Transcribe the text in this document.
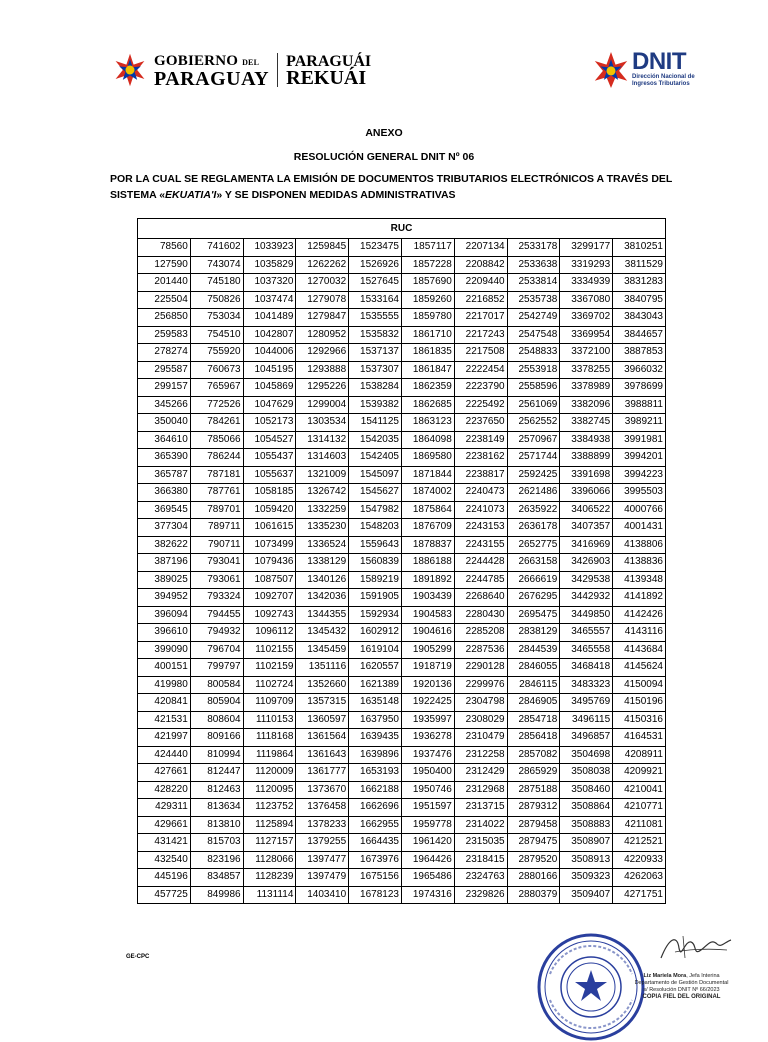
GOBIERNO DEL
PARAGUAY
PARAGUÁI
REKUÁI
DNIT
Dirección Nacional de
Ingresos Tributarios
ANEXO
RESOLUCIÓN GENERAL DNIT Nº 06
POR LA CUAL SE REGLAMENTA LA EMISIÓN DE DOCUMENTOS TRIBUTARIOS ELECTRÓNICOS A TRAVÉS DEL
SISTEMA «EKUATIA'I» Y SE DISPONEN MEDIDAS ADMINISTRATIVAS
RUC									
78560	741602	1033923	1259845	1523475	1857117	2207134	2533178	3299177	3810251
127590	743074	1035829	1262262	1526926	1857228	2208842	2533638	3319293	3811529
201440	745180	1037320	1270032	1527645	1857690	2209440	2533814	3334939	3831283
225504	750826	1037474	1279078	1533164	1859260	2216852	2535738	3367080	3840795
256850	753034	1041489	1279847	1535555	1859780	2217017	2542749	3369702	3843043
259583	754510	1042807	1280952	1535832	1861710	2217243	2547548	3369954	3844657
278274	755920	1044006	1292966	1537137	1861835	2217508	2548833	3372100	3887853
295587	760673	1045195	1293888	1537307	1861847	2222454	2553918	3378255	3966032
299157	765967	1045869	1295226	1538284	1862359	2223790	2558596	3378989	3978699
345266	772526	1047629	1299004	1539382	1862685	2225492	2561069	3382096	3988811
350040	784261	1052173	1303534	1541125	1863123	2237650	2562552	3382745	3989211
364610	785066	1054527	1314132	1542035	1864098	2238149	2570967	3384938	3991981
365390	786244	1055437	1314603	1542405	1869580	2238162	2571744	3388899	3994201
365787	787181	1055637	1321009	1545097	1871844	2238817	2592425	3391698	3994223
366380	787761	1058185	1326742	1545627	1874002	2240473	2621486	3396066	3995503
369545	789701	1059420	1332259	1547982	1875864	2241073	2635922	3406522	4000766
377304	789711	1061615	1335230	1548203	1876709	2243153	2636178	3407357	4001431
382622	790711	1073499	1336524	1559643	1878837	2243155	2652775	3416969	4138806
387196	793041	1079436	1338129	1560839	1886188	2244428	2663158	3426903	4138836
389025	793061	1087507	1340126	1589219	1891892	2244785	2666619	3429538	4139348
394952	793324	1092707	1342036	1591905	1903439	2268640	2676295	3442932	4141892
396094	794455	1092743	1344355	1592934	1904583	2280430	2695475	3449850	4142426
396610	794932	1096112	1345432	1602912	1904616	2285208	2838129	3465557	4143116
399090	796704	1102155	1345459	1619104	1905299	2287536	2844539	3465558	4143684
400151	799797	1102159	1351116	1620557	1918719	2290128	2846055	3468418	4145624
419980	800584	1102724	1352660	1621389	1920136	2299976	2846115	3483323	4150094
420841	805904	1109709	1357315	1635148	1922425	2304798	2846905	3495769	4150196
421531	808604	1110153	1360597	1637950	1935997	2308029	2854718	3496115	4150316
421997	809166	1118168	1361564	1639435	1936278	2310479	2856418	3496857	4164531
424440	810994	1119864	1361643	1639896	1937476	2312258	2857082	3504698	4208911
427661	812447	1120009	1361777	1653193	1950400	2312429	2865929	3508038	4209921
428220	812463	1120095	1373670	1662188	1950746	2312968	2875188	3508460	4210041
429311	813634	1123752	1376458	1662696	1951597	2313715	2879312	3508864	4210771
429661	813810	1125894	1378233	1662955	1959778	2314022	2879458	3508883	4211081
431421	815703	1127157	1379255	1664435	1961420	2315035	2879475	3508907	4212521
432540	823196	1128066	1397477	1673976	1964426	2318415	2879520	3508913	4220933
445196	834857	1128239	1397479	1675156	1965486	2324763	2880166	3509323	4262063
457725	849986	1131114	1403410	1678123	1974316	2329826	2880379	3509407	4271751
GE-CPC
Liz Mariela Mora, Jefa Interina
Departamento de Gestión Documental
s/ Resolución DNIT Nº 66/2023
COPIA FIEL DEL ORIGINAL
